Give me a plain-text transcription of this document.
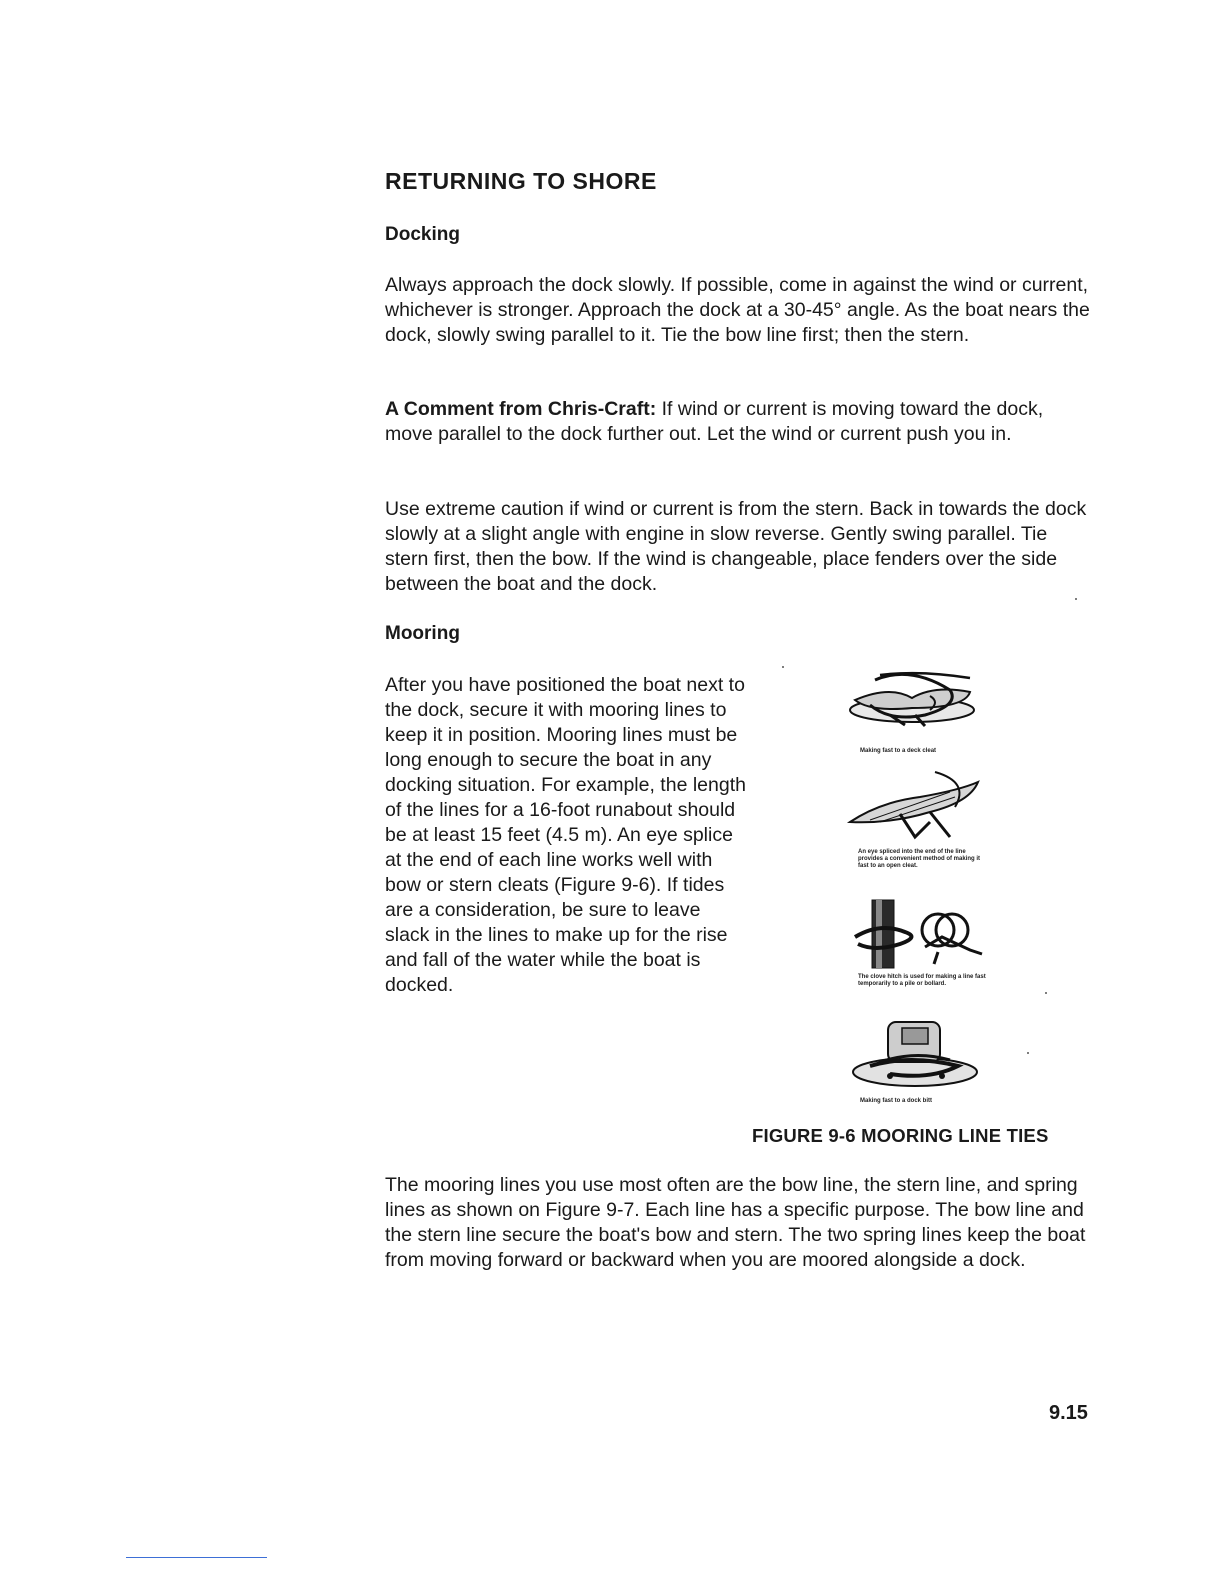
RETURNING TO SHORE
Docking

Always approach the dock slowly. If possible, come in against the wind or current, whichever is stronger. Approach the dock at a 30-45° angle. As the boat nears the dock, slowly swing parallel to it. Tie the bow line first; then the stern.

A Comment from Chris-Craft: If wind or current is moving toward the dock, move parallel to the dock further out. Let the wind or current push you in.

Use extreme caution if wind or current is from the stern. Back in towards the dock slowly at a slight angle with engine in slow reverse. Gently swing parallel. Tie stern first, then the bow. If the wind is changeable, place fenders over the side between the boat and the dock.

Mooring

After you have positioned the boat next to the dock, secure it with mooring lines to keep it in position. Mooring lines must be long enough to secure the boat in any docking situation. For example, the length of the lines for a 16-foot runabout should be at least 15 feet (4.5 m). An eye splice at the end of each line works well with bow or stern cleats (Figure 9-6). If tides are a consideration, be sure to leave slack in the lines to make up for the rise and fall of the water while the boat is docked.

Making fast to a deck cleat

An eye spliced into the end of the line provides a convenient method of making it fast to an open cleat.

The clove hitch is used for making a line fast temporarily to a pile or bollard.

Making fast to a dock bitt

FIGURE 9-6 MOORING LINE TIES

The mooring lines you use most often are the bow line, the stern line, and spring lines as shown on Figure 9-7. Each line has a specific purpose. The bow line and the stern line secure the boat's bow and stern. The two spring lines keep the boat from moving forward or backward when you are moored alongside a dock.

9.15
